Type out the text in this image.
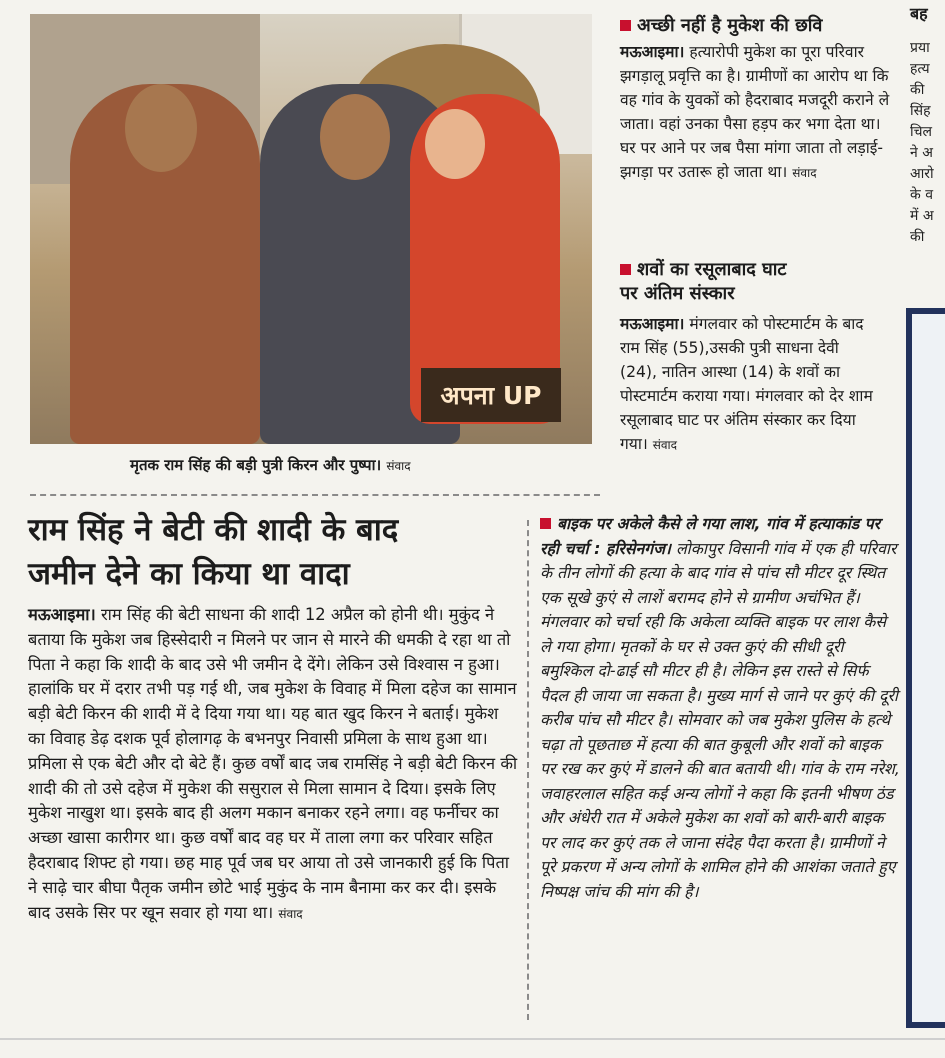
अपना UP
मृतक राम सिंह की बड़ी पुत्री किरन और पुष्पा। संवाद
राम सिंह ने बेटी की शादी के बाद
जमीन देने का किया था वादा
मऊआइमा। राम सिंह की बेटी साधना की शादी 12 अप्रैल को होनी थी। मुकुंद ने बताया कि मुकेश जब हिस्सेदारी न मिलने पर जान से मारने की धमकी दे रहा था तो पिता ने कहा कि शादी के बाद उसे भी जमीन दे देंगे। लेकिन उसे विश्वास न हुआ। हालांकि घर में दरार तभी पड़ गई थी, जब मुकेश के विवाह में मिला दहेज का सामान बड़ी बेटी किरन की शादी में दे दिया गया था। यह बात खुद किरन ने बताई। मुकेश का विवाह डेढ़ दशक पूर्व होलागढ़ के बभनपुर निवासी प्रमिला के साथ हुआ था। प्रमिला से एक बेटी और दो बेटे हैं। कुछ वर्षों बाद जब रामसिंह ने बड़ी बेटी किरन की शादी की तो उसे दहेज में मुकेश की ससुराल से मिला सामान दे दिया। इसके लिए मुकेश नाखुश था। इसके बाद ही अलग मकान बनाकर रहने लगा। वह फर्नीचर का अच्छा खासा कारीगर था। कुछ वर्षों बाद वह घर में ताला लगा कर परिवार सहित हैदराबाद शिफ्ट हो गया। छह माह पूर्व जब घर आया तो उसे जानकारी हुई कि पिता ने साढ़े चार बीघा पैतृक जमीन छोटे भाई मुकुंद के नाम बैनामा कर कर दी। इसके बाद उसके सिर पर खून सवार हो गया था। संवाद
अच्छी नहीं है मुकेश की छवि
मऊआइमा। हत्यारोपी मुकेश का पूरा परिवार झगड़ालू प्रवृत्ति का है। ग्रामीणों का आरोप था कि वह गांव के युवकों को हैदराबाद मजदूरी कराने ले जाता। वहां उनका पैसा हड़प कर भगा देता था। घर पर आने पर जब पैसा मांगा जाता तो लड़ाई-झगड़ा पर उतारू हो जाता था। संवाद
शवों का रसूलाबाद घाट
पर अंतिम संस्कार
मऊआइमा। मंगलवार को पोस्टमार्टम के बाद राम सिंह (55),उसकी पुत्री साधना देवी (24), नातिन आस्था (14) के शवों का पोस्टमार्टम कराया गया। मंगलवार को देर शाम रसूलाबाद घाट पर अंतिम संस्कार कर दिया गया। संवाद
बाइक पर अकेले कैसे ले गया लाश, गांव में हत्याकांड पर रही चर्चा : हरिसेनगंज। लोकापुर विसानी गांव में एक ही परिवार के तीन लोगों की हत्या के बाद गांव से पांच सौ मीटर दूर स्थित एक सूखे कुएं से लाशें बरामद होने से ग्रामीण अचंभित हैं। मंगलवार को चर्चा रही कि अकेला व्यक्ति बाइक पर लाश कैसे ले गया होगा। मृतकों के घर से उक्त कुएं की सीधी दूरी बमुश्किल दो-ढाई सौ मीटर ही है। लेकिन इस रास्ते से सिर्फ पैदल ही जाया जा सकता है। मुख्य मार्ग से जाने पर कुएं की दूरी करीब पांच सौ मीटर है। सोमवार को जब मुकेश पुलिस के हत्थे चढ़ा तो पूछताछ में हत्या की बात कुबूली और शवों को बाइक पर रख कर कुएं में डालने की बात बतायी थी। गांव के राम नरेश, जवाहरलाल सहित कई अन्य लोगों ने कहा कि इतनी भीषण ठंड और अंधेरी रात में अकेले मुकेश का शवों को बारी-बारी बाइक पर लाद कर कुएं तक ले जाना संदेह पैदा करता है। ग्रामीणों ने पूरे प्रकरण में अन्य लोगों के शामिल होने की आशंका जताते हुए निष्पक्ष जांच की मांग की है।
बह
प्रया
हत्य
की
सिंह
चिल
ने अ
आरो
के व
में अ
की
